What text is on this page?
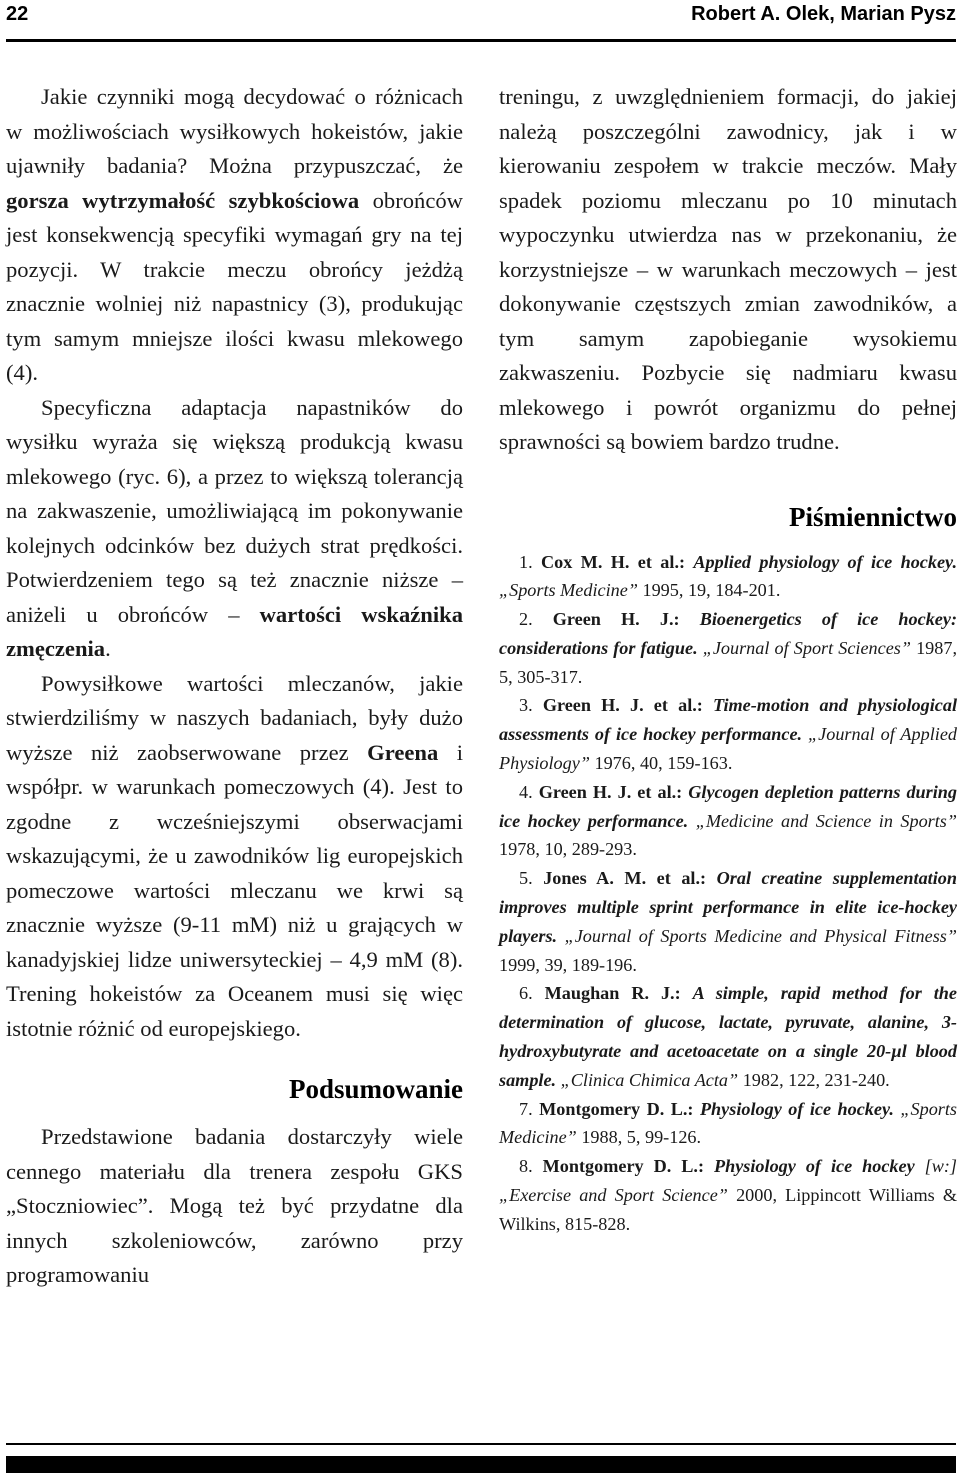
22	Robert A. Olek, Marian Pysz

Jakie czynniki mogą decydować o różnicach w możliwościach wysiłkowych hokeistów, jakie ujawniły badania? Można przypuszczać, że gorsza wytrzymałość szybkościowa obrońców jest konsekwencją specyfiki wymagań gry na tej pozycji. W trakcie meczu obrońcy jeżdżą znacznie wolniej niż napastnicy (3), produkując tym samym mniejsze ilości kwasu mlekowego (4).

Specyficzna adaptacja napastników do wysiłku wyraża się większą produkcją kwasu mlekowego (ryc. 6), a przez to większą tolerancją na zakwaszenie, umożliwiającą im pokonywanie kolejnych odcinków bez dużych strat prędkości. Potwierdzeniem tego są też znacznie niższe – aniżeli u obrońców – wartości wskaźnika zmęczenia.

Powysiłkowe wartości mleczanów, jakie stwierdziliśmy w naszych badaniach, były dużo wyższe niż zaobserwowane przez Greena i współpr. w warunkach pomeczowych (4). Jest to zgodne z wcześniejszymi obserwacjami wskazującymi, że u zawodników lig europejskich pomeczowe wartości mleczanu we krwi są znacznie wyższe (9-11 mM) niż u grających w kanadyjskiej lidze uniwersyteckiej – 4,9 mM (8). Trening hokeistów za Oceanem musi się więc istotnie różnić od europejskiego.

Podsumowanie

Przedstawione badania dostarczyły wiele cennego materiału dla trenera zespołu GKS „Stoczniowiec”. Mogą też być przydatne dla innych szkoleniowców, zarówno przy programowaniu

treningu, z uwzględnieniem formacji, do jakiej należą poszczególni zawodnicy, jak i w kierowaniu zespołem w trakcie meczów. Mały spadek poziomu mleczanu po 10 minutach wypoczynku utwierdza nas w przekonaniu, że korzystniejsze – w warunkach meczowych – jest dokonywanie częstszych zmian zawodników, a tym samym zapobieganie wysokiemu zakwaszeniu. Pozbycie się nadmiaru kwasu mlekowego i powrót organizmu do pełnej sprawności są bowiem bardzo trudne.

Piśmiennictwo
1. Cox M. H. et al.: Applied physiology of ice hockey. „Sports Medicine” 1995, 19, 184-201.
2. Green H. J.: Bioenergetics of ice hockey: considerations for fatigue. „Journal of Sport Sciences” 1987, 5, 305-317.
3. Green H. J. et al.: Time-motion and physiological assessments of ice hockey performance. „Journal of Applied Physiology” 1976, 40, 159-163.
4. Green H. J. et al.: Glycogen depletion patterns during ice hockey performance. „Medicine and Science in Sports” 1978, 10, 289-293.
5. Jones A. M. et al.: Oral creatine supplementation improves multiple sprint performance in elite ice-hockey players. „Journal of Sports Medicine and Physical Fitness” 1999, 39, 189-196.
6. Maughan R. J.: A simple, rapid method for the determination of glucose, lactate, pyruvate, alanine, 3-hydroxybutyrate and acetoacetate on a single 20-µl blood sample. „Clinica Chimica Acta” 1982, 122, 231-240.
7. Montgomery D. L.: Physiology of ice hockey. „Sports Medicine” 1988, 5, 99-126.
8. Montgomery D. L.: Physiology of ice hockey [w:] „Exercise and Sport Science” 2000, Lippincott Williams & Wilkins, 815-828.
